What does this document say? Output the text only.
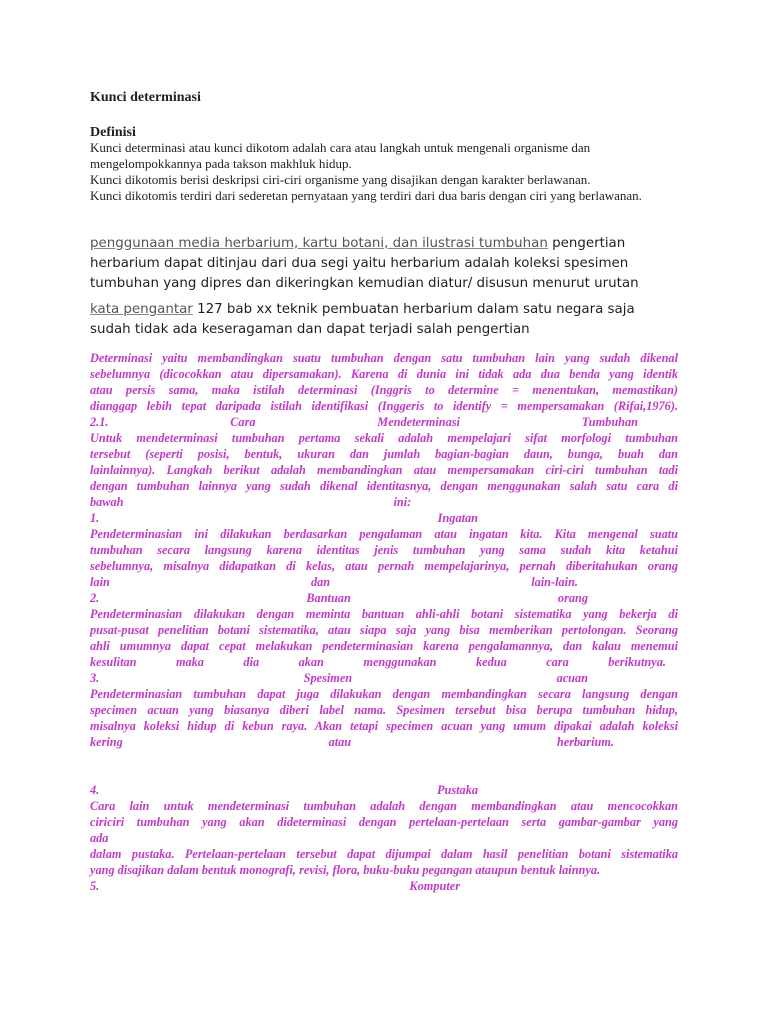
Kunci determinasi
Definisi
Kunci determinasi atau kunci dikotom adalah cara atau langkah untuk mengenali organisme dan
mengelompokkannya pada takson makhluk hidup.
Kunci dikotomis berisi deskripsi ciri-ciri organisme yang disajikan dengan karakter berlawanan.
Kunci dikotomis terdiri dari sederetan pernyataan yang terdiri dari dua baris dengan ciri yang berlawanan.
penggunaan media herbarium, kartu botani, dan ilustrasi tumbuhan pengertian
herbarium dapat ditinjau dari dua segi yaitu herbarium adalah koleksi spesimen
tumbuhan yang dipres dan dikeringkan kemudian diatur/ disusun menurut urutan
kata pengantar 127 bab xx teknik pembuatan herbarium dalam satu negara saja
sudah tidak ada keseragaman dan dapat terjadi salah pengertian
Determinasi yaitu membandingkan suatu tumbuhan dengan satu tumbuhan lain yang sudah dikenal
sebelumnya (dicocokkan atau dipersamakan). Karena di dunia ini tidak ada dua benda yang identik
atau persis sama, maka istilah determinasi (Inggris to determine = menentukan, memastikan)
dianggap lebih tepat daripada istilah identifikasi (Inggeris to identify = mempersamakan (Rifai,1976).
2.1.	Cara	Mendeterminasi	Tumbuhan
Untuk mendeterminasi tumbuhan pertama sekali adalah mempelajari sifat morfologi tumbuhan
tersebut (seperti posisi, bentuk, ukuran dan jumlah bagian-bagian daun, bunga, buah dan
lainlainnya). Langkah berikut adalah membandingkan atau mempersamakan ciri-ciri tumbuhan tadi
dengan tumbuhan lainnya yang sudah dikenal identitasnya, dengan menggunakan salah satu cara di
bawah	ini:
1.	Ingatan
Pendeterminasian ini dilakukan berdasarkan pengalaman atau ingatan kita. Kita mengenal suatu
tumbuhan secara langsung karena identitas jenis tumbuhan yang sama sudah kita ketahui
sebelumnya, misalnya didapatkan di kelas, atau pernah mempelajarinya, pernah diberitahukan orang
lain	dan	lain-lain.
2.	Bantuan	orang
Pendeterminasian dilakukan dengan meminta bantuan ahli-ahli botani sistematika yang bekerja di
pusat-pusat penelitian botani sistematika, atau siapa saja yang bisa memberikan pertolongan. Seorang
ahli umumnya dapat cepat melakukan pendeterminasian karena pengalamannya, dan kalau menemui
kesulitan	maka	dia	akan	menggunakan	kedua	cara	berikutnya.
3.	Spesimen	acuan
Pendeterminasian tumbuhan dapat juga dilakukan dengan membandingkan secara langsung dengan
specimen acuan yang biasanya diberi label nama. Spesimen tersebut bisa berupa tumbuhan hidup,
misalnya koleksi hidup di kebun raya. Akan tetapi specimen acuan yang umum dipakai adalah koleksi
kering	atau	herbarium.
4.	Pustaka
Cara lain untuk mendeterminasi tumbuhan adalah dengan membandingkan atau mencocokkan
ciriciri tumbuhan yang akan dideterminasi dengan pertelaan-pertelaan serta gambar-gambar yang
ada
dalam pustaka. Pertelaan-pertelaan tersebut dapat dijumpai dalam hasil penelitian botani sistematika
yang disajikan dalam bentuk monografi, revisi, flora, buku-buku pegangan ataupun bentuk lainnya.
5.	Komputer
